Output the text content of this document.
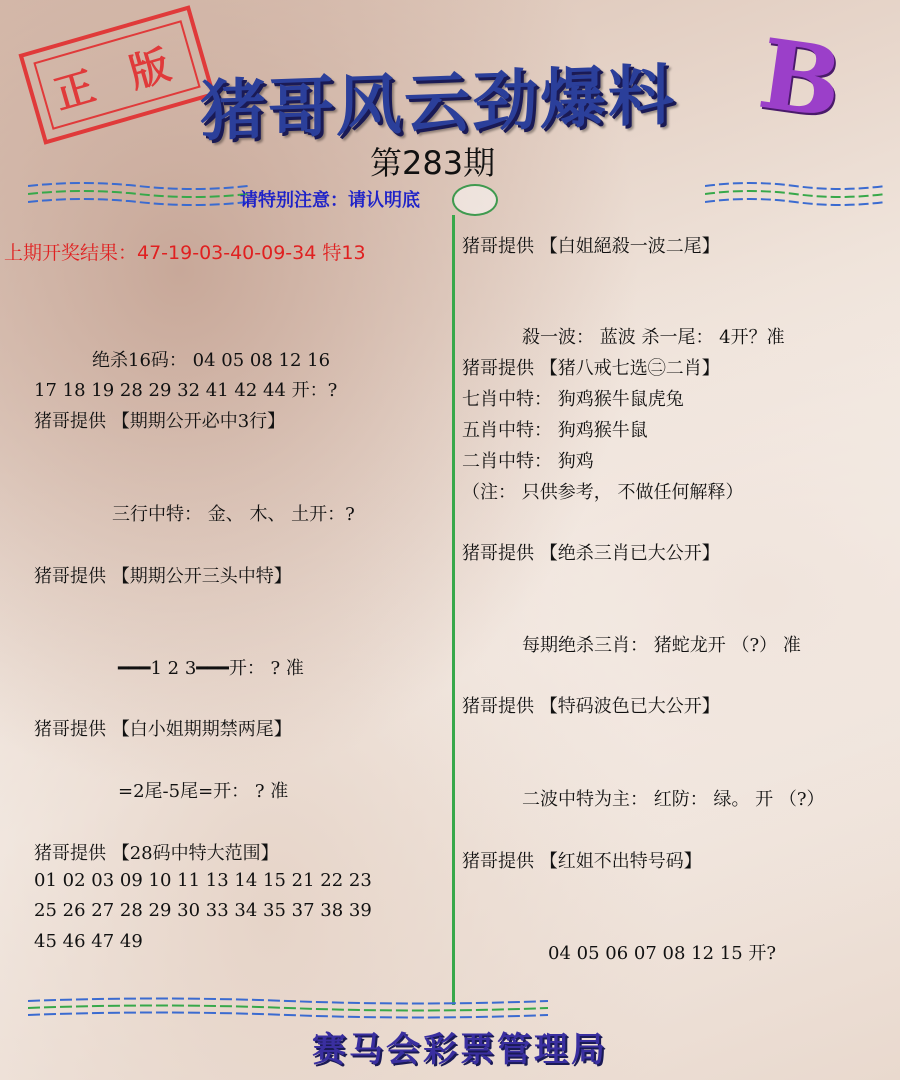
正 版 猪哥风云劲爆料 B
第283期
请特别注意：请认明底
上期开奖结果：47-19-03-40-09-34 特13
绝杀16码： 04 05 08 12 16
17 18 19 28 29 32 41 42 44 开：?
猪哥提供 【期期公开必中3行】
三行中特： 金、 木、 土开：?
猪哥提供 【期期公开三头中特】
━━━1 2 3━━━开： ? 准
猪哥提供 【白小姐期期禁两尾】
=2尾-5尾=开： ? 准
猪哥提供 【28码中特大范围】
01 02 03 09 10 11 13 14 15 21 22 23
25 26 27 28 29 30 33 34 35 37 38 39
45 46 47 49
猪哥提供 【白姐絕殺一波二尾】
殺一波： 蓝波 杀一尾： 4开？准
猪哥提供 【猪八戒七选㊁二肖】
七肖中特： 狗鸡猴牛鼠虎兔
五肖中特： 狗鸡猴牛鼠
二肖中特： 狗鸡
（注： 只供参考， 不做任何解释）
猪哥提供 【绝杀三肖已大公开】
每期绝杀三肖： 猪蛇龙开 （?） 准
猪哥提供 【特码波色已大公开】
二波中特为主： 红防： 绿。 开 （?）
猪哥提供 【红姐不出特号码】
04 05 06 07 08 12 15 开?
赛马会彩票管理局
